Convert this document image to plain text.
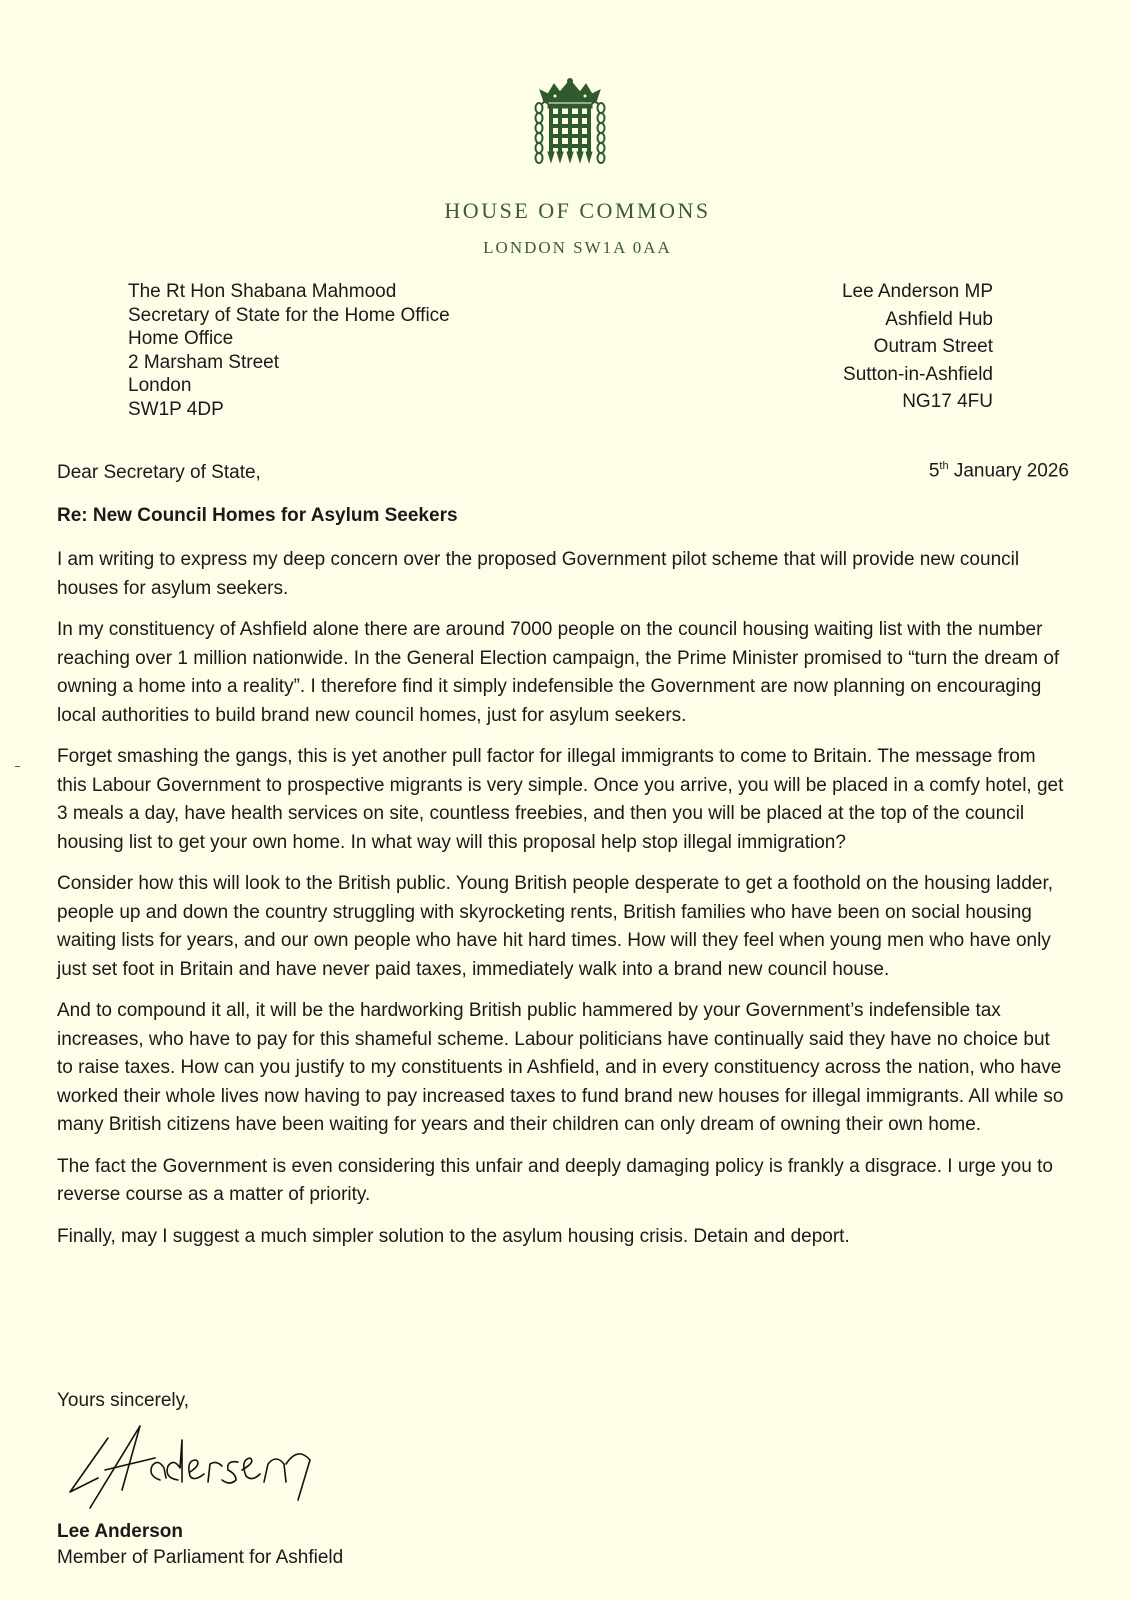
HOUSE OF COMMONS
LONDON SW1A 0AA
The Rt Hon Shabana Mahmood
Secretary of State for the Home Office
Home Office
2 Marsham Street
London
SW1P 4DP
Lee Anderson MP
Ashfield Hub
Outram Street
Sutton-in-Ashfield
NG17 4FU
Dear Secretary of State,	5th January 2026
Re: New Council Homes for Asylum Seekers

I am writing to express my deep concern over the proposed Government pilot scheme that will provide new council houses for asylum seekers.

In my constituency of Ashfield alone there are around 7000 people on the council housing waiting list with the number reaching over 1 million nationwide. In the General Election campaign, the Prime Minister promised to “turn the dream of owning a home into a reality”. I therefore find it simply indefensible the Government are now planning on encouraging local authorities to build brand new council homes, just for asylum seekers.

Forget smashing the gangs, this is yet another pull factor for illegal immigrants to come to Britain. The message from this Labour Government to prospective migrants is very simple. Once you arrive, you will be placed in a comfy hotel, get 3 meals a day, have health services on site, countless freebies, and then you will be placed at the top of the council housing list to get your own home. In what way will this proposal help stop illegal immigration?

Consider how this will look to the British public. Young British people desperate to get a foothold on the housing ladder, people up and down the country struggling with skyrocketing rents, British families who have been on social housing waiting lists for years, and our own people who have hit hard times. How will they feel when young men who have only just set foot in Britain and have never paid taxes, immediately walk into a brand new council house.

And to compound it all, it will be the hardworking British public hammered by your Government’s indefensible tax increases, who have to pay for this shameful scheme. Labour politicians have continually said they have no choice but to raise taxes. How can you justify to my constituents in Ashfield, and in every constituency across the nation, who have worked their whole lives now having to pay increased taxes to fund brand new houses for illegal immigrants. All while so many British citizens have been waiting for years and their children can only dream of owning their own home.

The fact the Government is even considering this unfair and deeply damaging policy is frankly a disgrace. I urge you to reverse course as a matter of priority.

Finally, may I suggest a much simpler solution to the asylum housing crisis. Detain and deport.

Yours sincerely,
Lee Anderson
Member of Parliament for Ashfield
